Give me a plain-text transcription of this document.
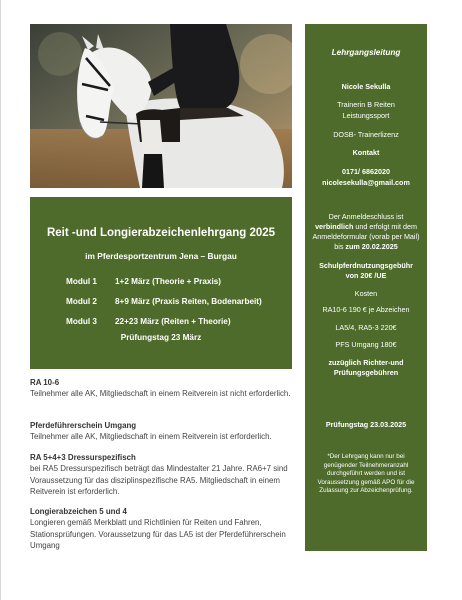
Reit -und Longierabzeichenlehrgang 2025
im Pferdesportzentrum Jena – Burgau
Modul 1 1+2 März (Theorie + Praxis)
Modul 2 8+9 März (Praxis Reiten, Bodenarbeit)
Modul 3 22+23 März (Reiten + Theorie)
Prüfungstag 23 März
RA 10-6
Teilnehmer alle AK, Mitgliedschaft in einem Reitverein ist nicht erforderlich.
Pferdeführerschein Umgang
Teilnehmer alle AK, Mitgliedschaft in einem Reitverein ist erforderlich.
RA 5+4+3 Dressurspezifisch
bei RA5 Dressurspezifisch beträgt das Mindestalter 21 Jahre. RA6+7 sind Voraussetzung für das disziplinspezifische RA5. Mitgliedschaft in einem Reitverein ist erforderlich.
Longierabzeichen 5 und 4
Longieren gemäß Merkblatt und Richtlinien für Reiten und Fahren, Stationsprüfungen. Voraussetzung für das LA5 ist der Pferdeführerschein Umgang
Lehrgangsleitung
Nicole Sekulla
Trainerin B Reiten
Leistungssport
DOSB- Trainerlizenz
Kontakt
0171/ 6862020
nicolesekulla@gmail.com
Der Anmeldeschluss ist verbindlich und erfolgt mit dem Anmeldeformular (vorab per Mail) bis zum 20.02.2025
Schulpferdnutzungsgebühr
von 20€ /UE
Kosten
RA10-6 190 € je Abzeichen
LA5/4, RA5-3 220€
PFS Umgang 180€
zuzüglich Richter-und
Prüfungsgebühren
Prüfungstag 23.03.2025
*Der Lehrgang kann nur bei genügender Teilnehmeranzahl durchgeführt werden und ist Voraussetzung gemäß APO für die Zulassung zur Abzeichenprüfung.
